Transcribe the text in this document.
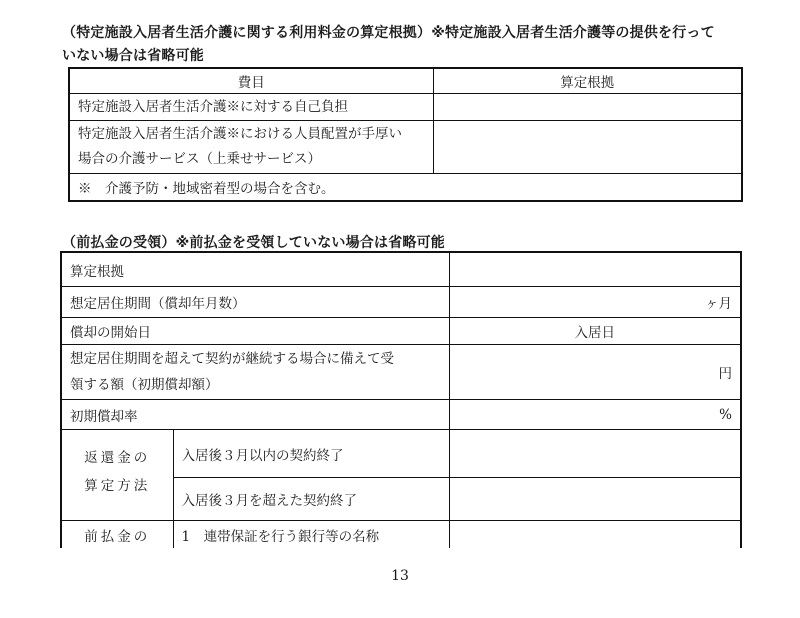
（特定施設入居者生活介護に関する利用料金の算定根拠）※特定施設入居者生活介護等の提供を行って
いない場合は省略可能
費目	算定根拠
特定施設入居者生活介護※に対する自己負担	

特定施設入居者生活介護※における人員配置が手厚い
場合の介護サービス（上乗せサービス）	

※　介護予防・地域密着型の場合を含む。	
（前払金の受領）※前払金を受領していない場合は省略可能
算定根拠		
想定居住期間（償却年月数）		ヶ月
償却の開始日		入居日

想定居住期間を超えて契約が継続する場合に備えて受
領する額（初期償却額）		円
初期償却率		%

返還金の
算定方法	入居後３月以内の契約終了	
	入居後３月を超えた契約終了	
前払金の	1　連帯保証を行う銀行等の名称	
13
